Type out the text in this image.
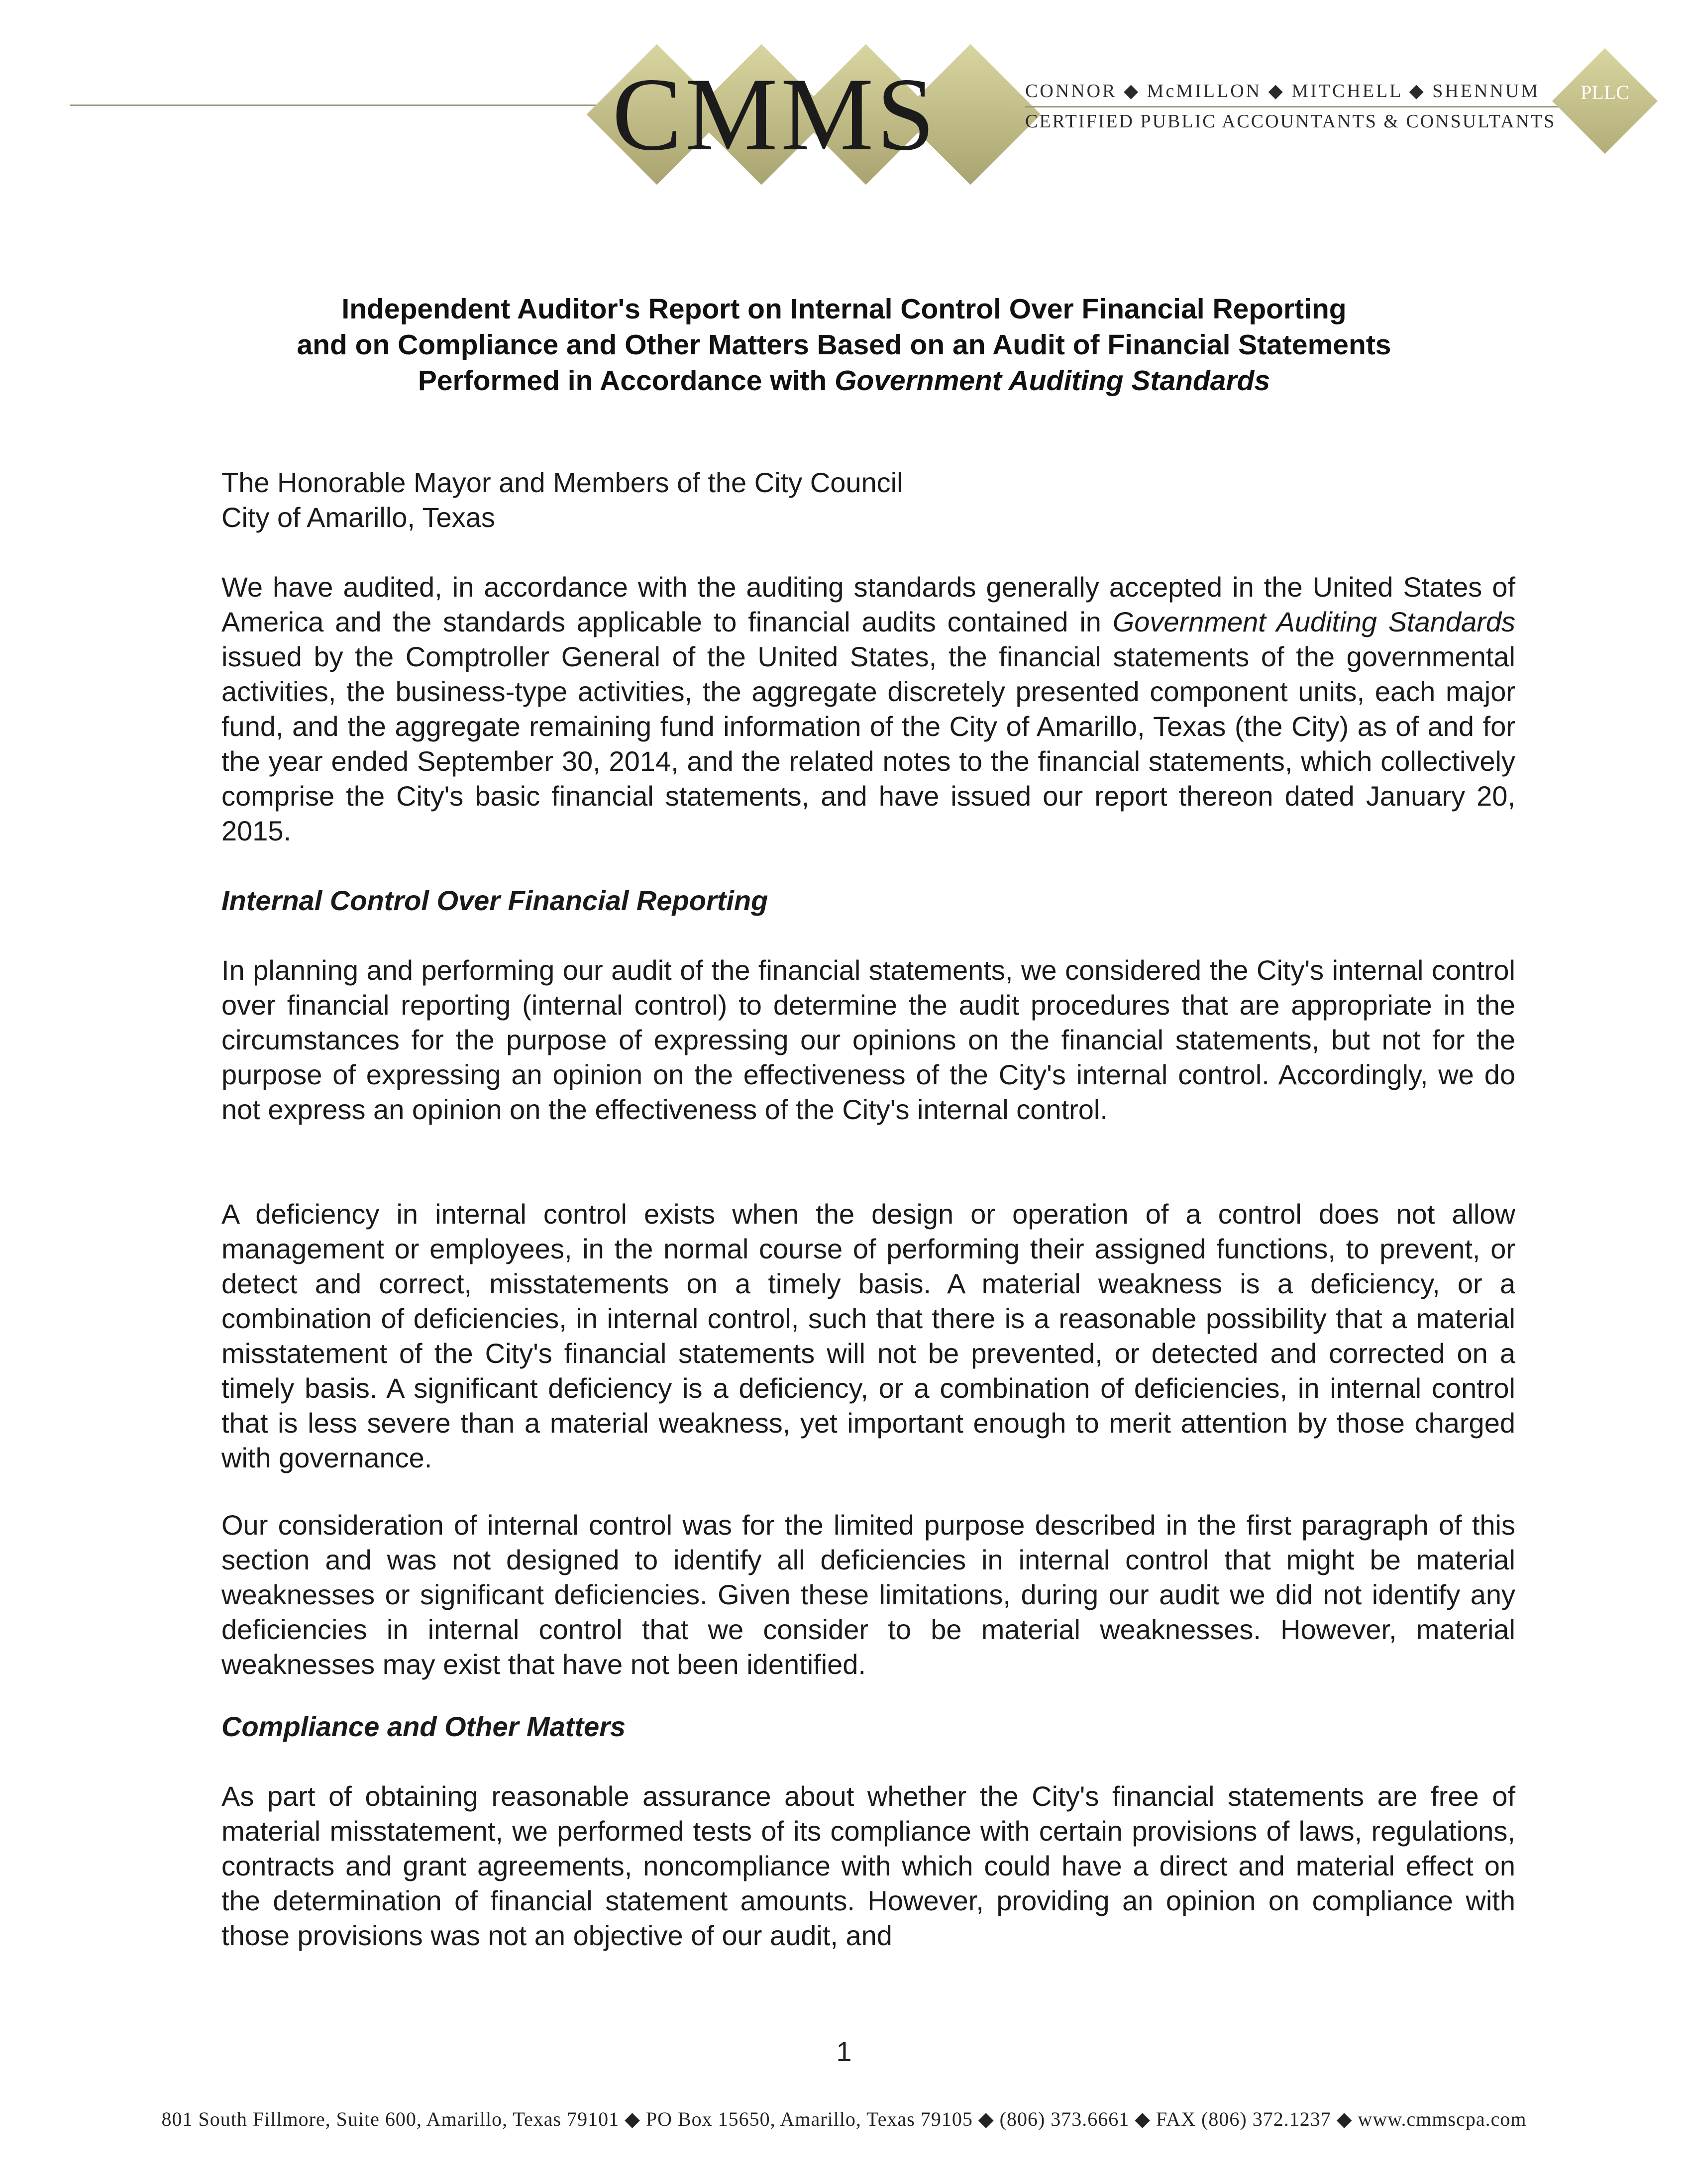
CMMS	CONNOR ◆ McMILLON ◆ MITCHELL ◆ SHENNUM
CERTIFIED PUBLIC ACCOUNTANTS & CONSULTANTS
PLLC
Independent Auditor's Report on Internal Control Over Financial Reporting
and on Compliance and Other Matters Based on an Audit of Financial Statements
Performed in Accordance with Government Auditing Standards

The Honorable Mayor and Members of the City Council

City of Amarillo, Texas

We have audited, in accordance with the auditing standards generally accepted in the United States of America and the standards applicable to financial audits contained in Government Auditing Standards issued by the Comptroller General of the United States, the financial statements of the governmental activities, the business-type activities, the aggregate discretely presented component units, each major fund, and the aggregate remaining fund information of the City of Amarillo, Texas (the City) as of and for the year ended September 30, 2014, and the related notes to the financial statements, which collectively comprise the City's basic financial statements, and have issued our report thereon dated January 20, 2015.

Internal Control Over Financial Reporting

In planning and performing our audit of the financial statements, we considered the City's internal control over financial reporting (internal control) to determine the audit procedures that are appropriate in the circumstances for the purpose of expressing our opinions on the financial statements, but not for the purpose of expressing an opinion on the effectiveness of the City's internal control. Accordingly, we do not express an opinion on the effectiveness of the City's internal control.

A deficiency in internal control exists when the design or operation of a control does not allow management or employees, in the normal course of performing their assigned functions, to prevent, or detect and correct, misstatements on a timely basis. A material weakness is a deficiency, or a combination of deficiencies, in internal control, such that there is a reasonable possibility that a material misstatement of the City's financial statements will not be prevented, or detected and corrected on a timely basis. A significant deficiency is a deficiency, or a combination of deficiencies, in internal control that is less severe than a material weakness, yet important enough to merit attention by those charged with governance.

Our consideration of internal control was for the limited purpose described in the first paragraph of this section and was not designed to identify all deficiencies in internal control that might be material weaknesses or significant deficiencies. Given these limitations, during our audit we did not identify any deficiencies in internal control that we consider to be material weaknesses. However, material weaknesses may exist that have not been identified.

Compliance and Other Matters

As part of obtaining reasonable assurance about whether the City's financial statements are free of material misstatement, we performed tests of its compliance with certain provisions of laws, regulations, contracts and grant agreements, noncompliance with which could have a direct and material effect on the determination of financial statement amounts. However, providing an opinion on compliance with those provisions was not an objective of our audit, and

1
801 South Fillmore, Suite 600, Amarillo, Texas 79101 ◆ PO Box 15650, Amarillo, Texas 79105 ◆ (806) 373.6661 ◆ FAX (806) 372.1237 ◆ www.cmmscpa.com
